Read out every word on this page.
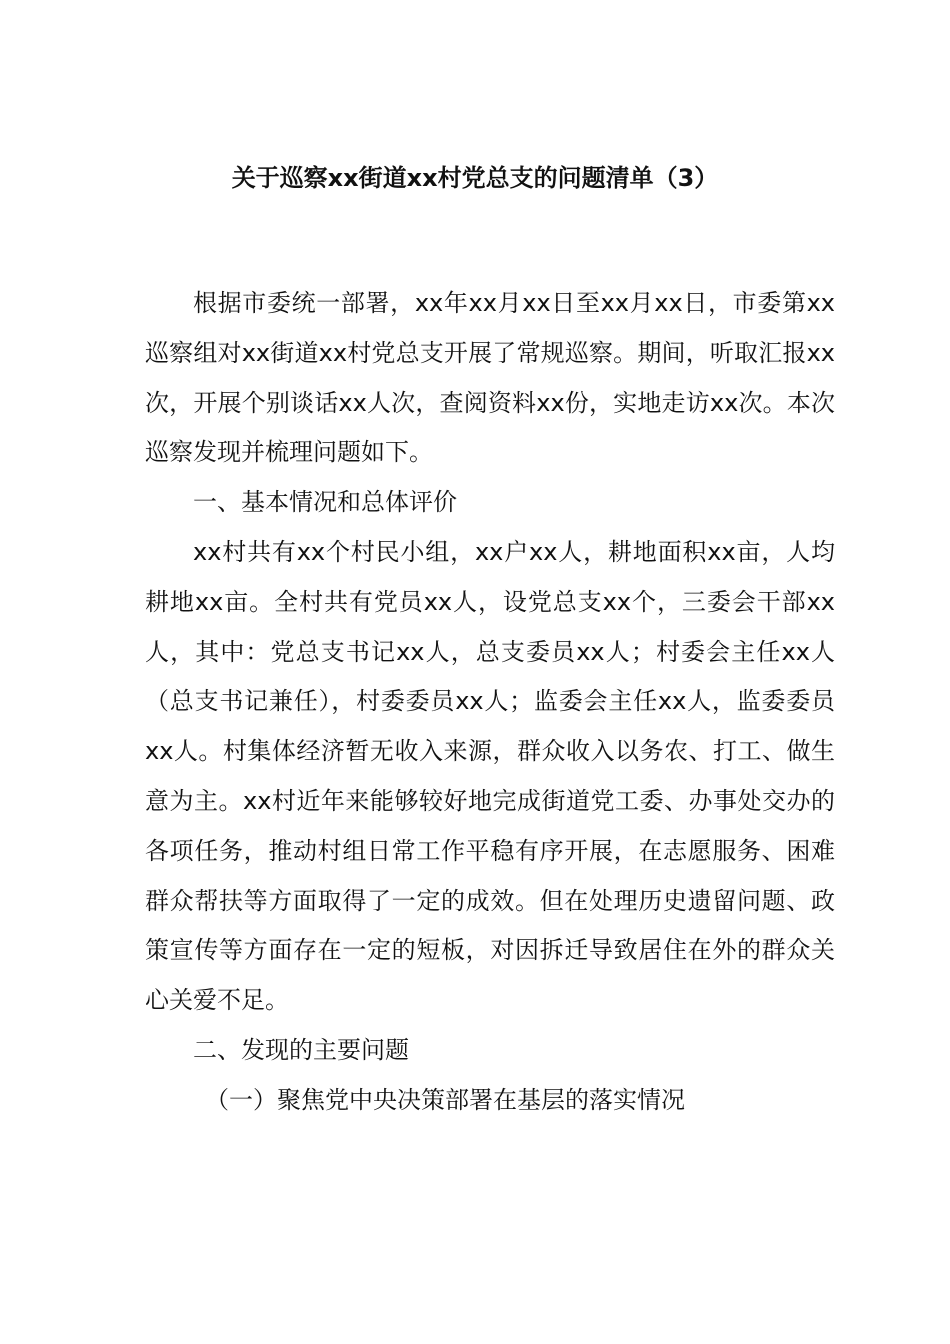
关于巡察xx街道xx村党总支的问题清单（3）

根据市委统一部署，xx年xx月xx日至xx月xx日，市委第xx巡察组对xx街道xx村党总支开展了常规巡察。期间，听取汇报xx次，开展个别谈话xx人次，查阅资料xx份，实地走访xx次。本次巡察发现并梳理问题如下。

一、基本情况和总体评价

xx村共有xx个村民小组，xx户xx人，耕地面积xx亩，人均耕地xx亩。全村共有党员xx人，设党总支xx个，三委会干部xx人，其中：党总支书记xx人，总支委员xx人；村委会主任xx人（总支书记兼任），村委委员xx人；监委会主任xx人，监委委员xx人。村集体经济暂无收入来源，群众收入以务农、打工、做生意为主。xx村近年来能够较好地完成街道党工委、办事处交办的各项任务，推动村组日常工作平稳有序开展，在志愿服务、困难群众帮扶等方面取得了一定的成效。但在处理历史遗留问题、政策宣传等方面存在一定的短板，对因拆迁导致居住在外的群众关心关爱不足。

二、发现的主要问题

（一）聚焦党中央决策部署在基层的落实情况
